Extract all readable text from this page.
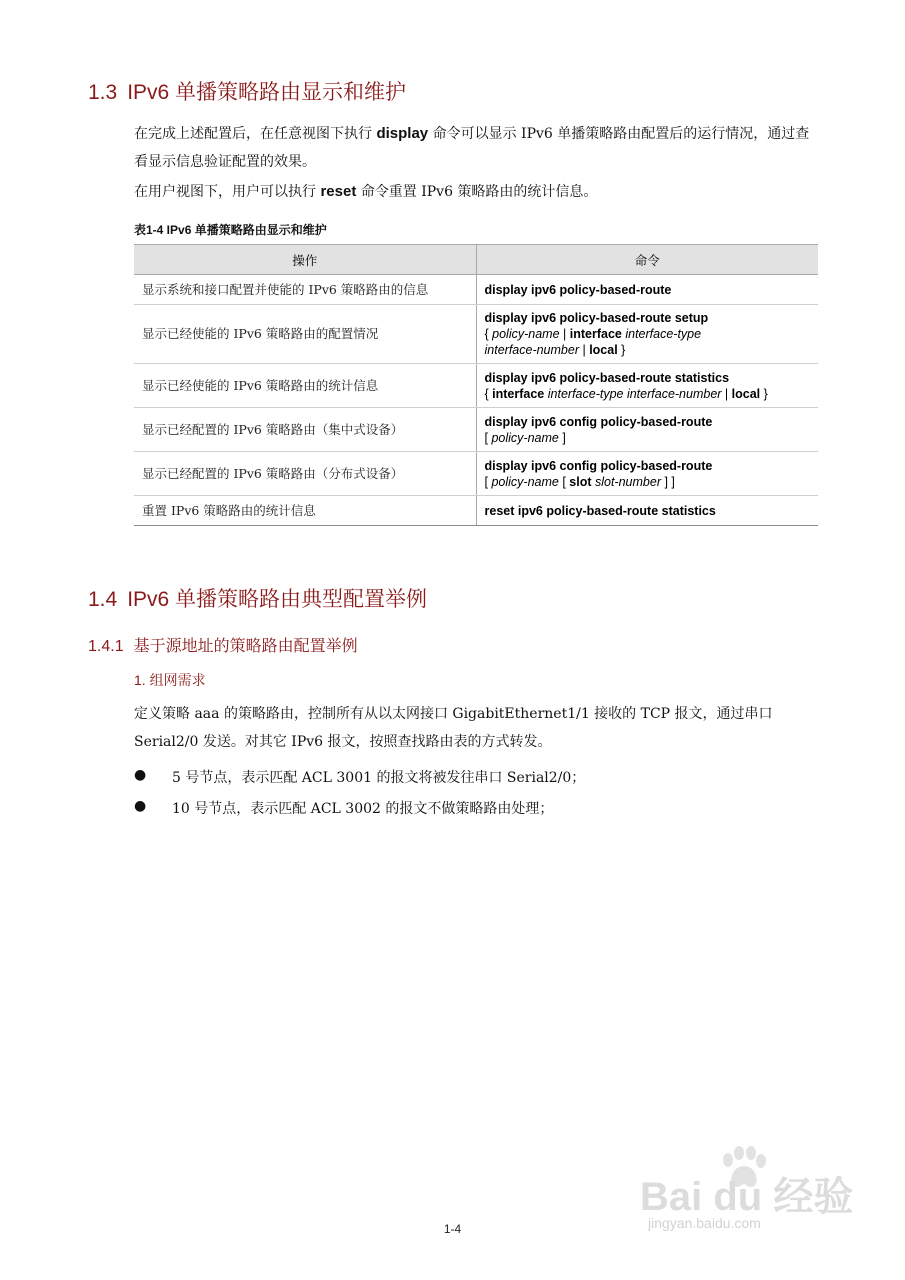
1.3 IPv6 单播策略路由显示和维护

在完成上述配置后，在任意视图下执行 display 命令可以显示 IPv6 单播策略路由配置后的运行情况，通过查看显示信息验证配置的效果。

在用户视图下，用户可以执行 reset 命令重置 IPv6 策略路由的统计信息。

表1-4 IPv6 单播策略路由显示和维护
操作	命令
显示系统和接口配置并使能的 IPv6 策略路由的信息	display ipv6 policy-based-route
显示已经使能的 IPv6 策略路由的配置情况	display ipv6 policy-based-route setup
{ policy-name | interface interface-type
interface-number | local }

显示已经使能的 IPv6 策略路由的统计信息	display ipv6 policy-based-route statistics
{ interface interface-type interface-number | local }

显示已经配置的 IPv6 策略路由（集中式设备）	display ipv6 config policy-based-route
[ policy-name ]

显示已经配置的 IPv6 策略路由（分布式设备）	display ipv6 config policy-based-route
[ policy-name [ slot slot-number ] ]

重置 IPv6 策略路由的统计信息	reset ipv6 policy-based-route statistics
1.4 IPv6 单播策略路由典型配置举例
1.4.1 基于源地址的策略路由配置举例
1. 组网需求

定义策略 aaa 的策略路由，控制所有从以太网接口 GigabitEthernet1/1 接收的 TCP 报文，通过串口 Serial2/0 发送。对其它 IPv6 报文，按照查找路由表的方式转发。

● 5 号节点，表示匹配 ACL 3001 的报文将被发往串口 Serial2/0；
● 10 号节点，表示匹配 ACL 3002 的报文不做策略路由处理；
1-4
Bai du 经验
jingyan.baidu.com
